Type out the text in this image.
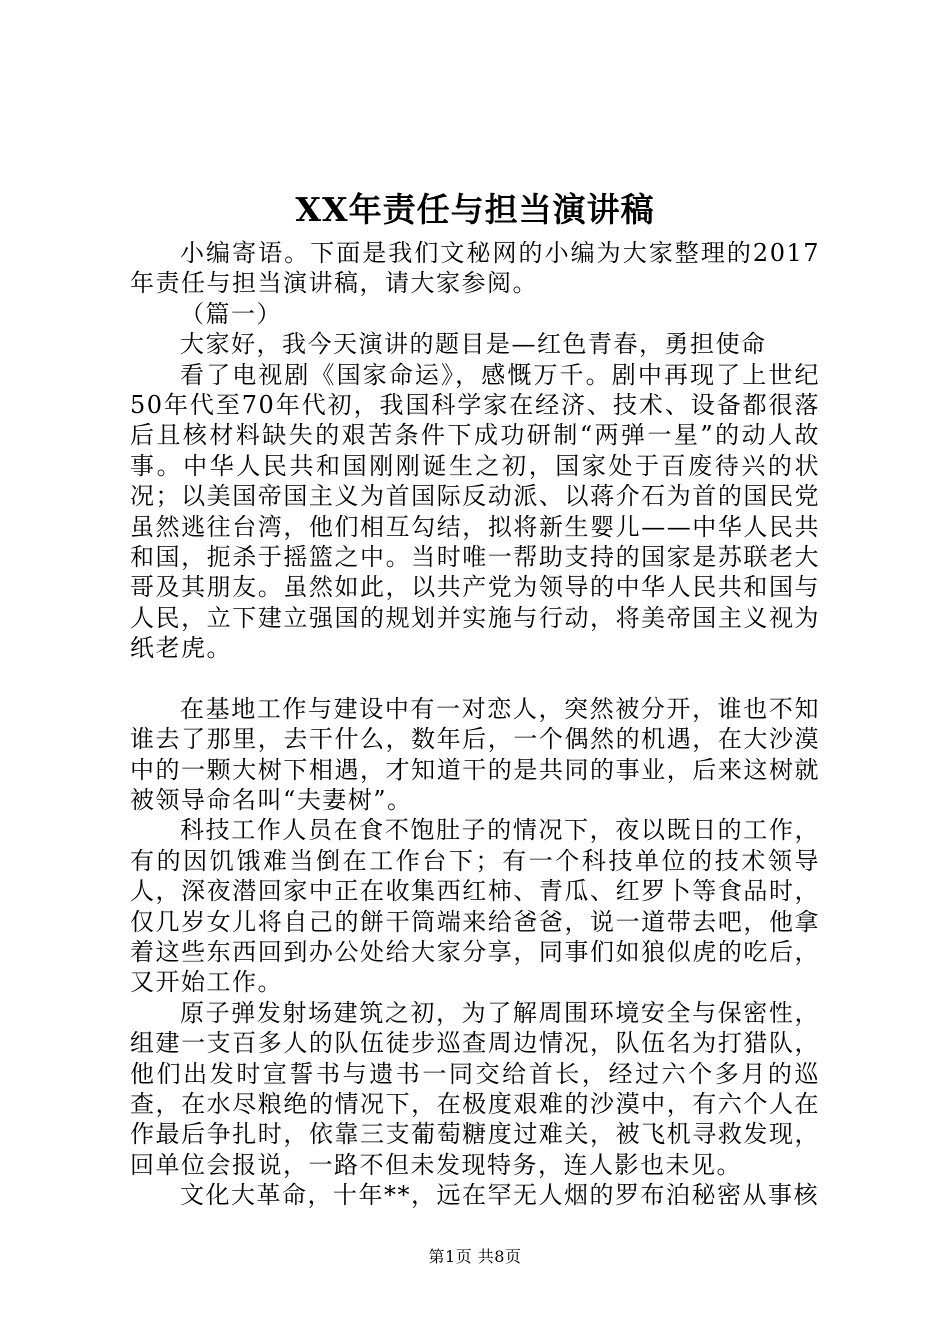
XX年责任与担当演讲稿

小编寄语。下面是我们文秘网的小编为大家整理的2017年责任与担当演讲稿，请大家参阅。

（篇一）

大家好，我今天演讲的题目是—红色青春，勇担使命

看了电视剧《国家命运》，感慨万千。剧中再现了上世纪50年代至70年代初，我国科学家在经济、技术、设备都很落后且核材料缺失的艰苦条件下成功研制“两弹一星”的动人故事。中华人民共和国刚刚诞生之初，国家处于百废待兴的状况；以美国帝国主义为首国际反动派、以蒋介石为首的国民党虽然逃往台湾，他们相互勾结，拟将新生婴儿——中华人民共和国，扼杀于摇篮之中。当时唯一帮助支持的国家是苏联老大哥及其朋友。虽然如此，以共产党为领导的中华人民共和国与人民，立下建立强国的规划并实施与行动，将美帝国主义视为纸老虎。

在基地工作与建设中有一对恋人，突然被分开，谁也不知谁去了那里，去干什么，数年后，一个偶然的机遇，在大沙漠中的一颗大树下相遇，才知道干的是共同的事业，后来这树就被领导命名叫“夫妻树”。

科技工作人员在食不饱肚子的情况下，夜以既日的工作，有的因饥饿难当倒在工作台下；有一个科技单位的技术领导人，深夜潜回家中正在收集西红柿、青瓜、红罗卜等食品时，仅几岁女儿将自己的餅干筒端来给爸爸，说一道带去吧，他拿着这些东西回到办公处给大家分享，同事们如狼似虎的吃后，又开始工作。

原子弹发射场建筑之初，为了解周围环境安全与保密性，组建一支百多人的队伍徒步巡查周边情况，队伍名为打猎队，他们出发时宣誓书与遗书一同交给首长，经过六个多月的巡查，在水尽粮绝的情况下，在极度艰难的沙漠中，有六个人在作最后争扎时，依靠三支葡萄糖度过难关，被飞机寻救发现，回单位会报说，一路不但未发现特务，连人影也未见。

文化大革命，十年**，远在罕无人烟的罗布泊秘密从事核

第1页 共8页
